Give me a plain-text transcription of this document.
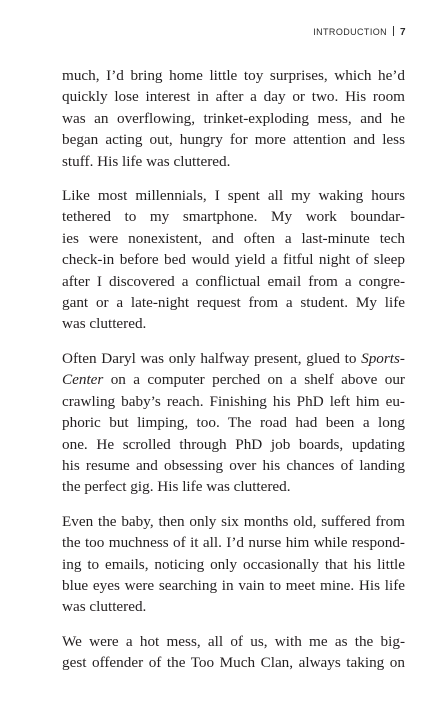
INTRODUCTION 7

much, I’d bring home little toy surprises, which he’d
quickly lose interest in after a day or two. His room
was an overflowing, trinket-exploding mess, and he
began acting out, hungry for more attention and less
stuff. His life was cluttered.

Like most millennials, I spent all my waking hours
tethered to my smartphone. My work boundar-
ies were nonexistent, and often a last-minute tech
check-in before bed would yield a fitful night of sleep
after I discovered a conflictual email from a congre-
gant or a late-night request from a student. My life
was cluttered.

Often Daryl was only halfway present, glued to Sports-
Center on a computer perched on a shelf above our
crawling baby’s reach. Finishing his PhD left him eu-
phoric but limping, too. The road had been a long
one. He scrolled through PhD job boards, updating
his resume and obsessing over his chances of landing
the perfect gig. His life was cluttered.

Even the baby, then only six months old, suffered from
the too muchness of it all. I’d nurse him while respond-
ing to emails, noticing only occasionally that his little
blue eyes were searching in vain to meet mine. His life
was cluttered.

We were a hot mess, all of us, with me as the big-
gest offender of the Too Much Clan, always taking on
